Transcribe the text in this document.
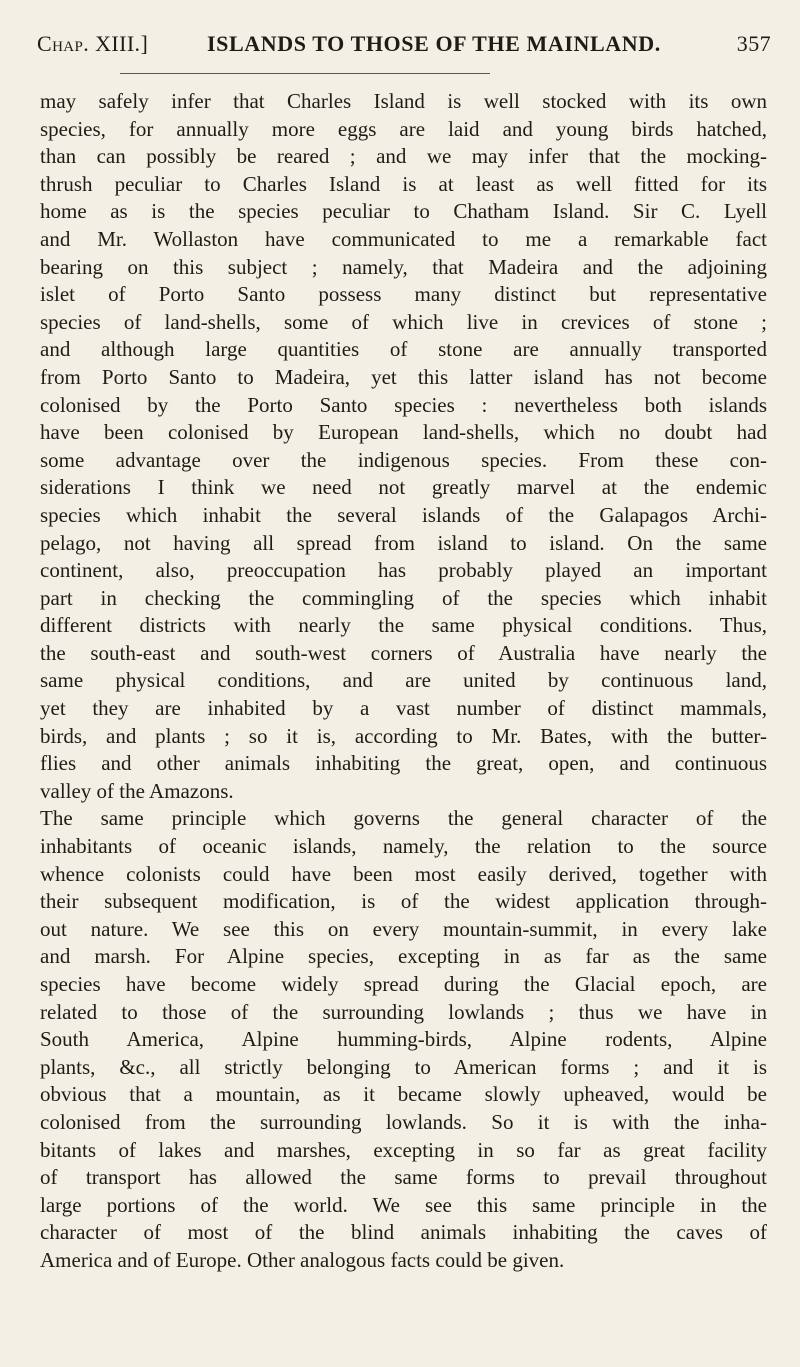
Chap. XIII.]	ISLANDS TO THOSE OF THE MAINLAND.	357
may safely infer that Charles Island is well stocked with its own
species, for annually more eggs are laid and young birds hatched,
than can possibly be reared ; and we may infer that the mocking-
thrush peculiar to Charles Island is at least as well fitted for its
home as is the species peculiar to Chatham Island. Sir C. Lyell
and Mr. Wollaston have communicated to me a remarkable fact
bearing on this subject ; namely, that Madeira and the adjoining
islet of Porto Santo possess many distinct but representative
species of land-shells, some of which live in crevices of stone ;
and although large quantities of stone are annually transported
from Porto Santo to Madeira, yet this latter island has not become
colonised by the Porto Santo species : nevertheless both islands
have been colonised by European land-shells, which no doubt had
some advantage over the indigenous species. From these con-
siderations I think we need not greatly marvel at the endemic
species which inhabit the several islands of the Galapagos Archi-
pelago, not having all spread from island to island. On the same
continent, also, preoccupation has probably played an important
part in checking the commingling of the species which inhabit
different districts with nearly the same physical conditions. Thus,
the south-east and south-west corners of Australia have nearly the
same physical conditions, and are united by continuous land,
yet they are inhabited by a vast number of distinct mammals,
birds, and plants ; so it is, according to Mr. Bates, with the butter-
flies and other animals inhabiting the great, open, and continuous
valley of the Amazons.
The same principle which governs the general character of the
inhabitants of oceanic islands, namely, the relation to the source
whence colonists could have been most easily derived, together with
their subsequent modification, is of the widest application through-
out nature. We see this on every mountain-summit, in every lake
and marsh. For Alpine species, excepting in as far as the same
species have become widely spread during the Glacial epoch, are
related to those of the surrounding lowlands ; thus we have in
South America, Alpine humming-birds, Alpine rodents, Alpine
plants, &c., all strictly belonging to American forms ; and it is
obvious that a mountain, as it became slowly upheaved, would be
colonised from the surrounding lowlands. So it is with the inha-
bitants of lakes and marshes, excepting in so far as great facility
of transport has allowed the same forms to prevail throughout
large portions of the world. We see this same principle in the
character of most of the blind animals inhabiting the caves of
America and of Europe. Other analogous facts could be given.
